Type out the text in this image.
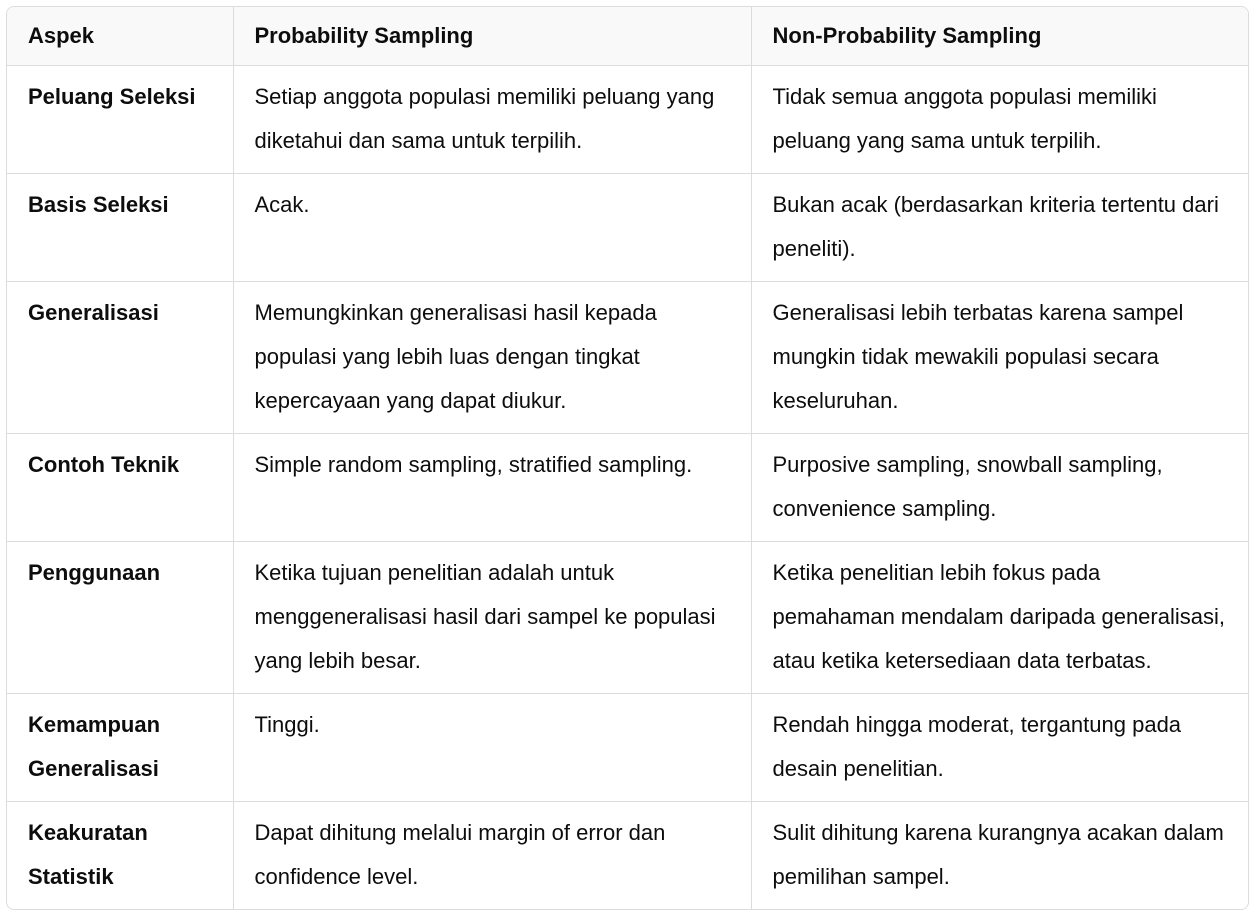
Aspek	Probability Sampling	Non-Probability Sampling
Peluang Seleksi	Setiap anggota populasi memiliki peluang yang diketahui dan sama untuk terpilih.	Tidak semua anggota populasi memiliki peluang yang sama untuk terpilih.
Basis Seleksi	Acak.	Bukan acak (berdasarkan kriteria tertentu dari peneliti).
Generalisasi	Memungkinkan generalisasi hasil kepada populasi yang lebih luas dengan tingkat kepercayaan yang dapat diukur.	Generalisasi lebih terbatas karena sampel mungkin tidak mewakili populasi secara keseluruhan.
Contoh Teknik	Simple random sampling, stratified sampling.	Purposive sampling, snowball sampling, convenience sampling.
Penggunaan	Ketika tujuan penelitian adalah untuk menggeneralisasi hasil dari sampel ke populasi yang lebih besar.	Ketika penelitian lebih fokus pada pemahaman mendalam daripada generalisasi, atau ketika ketersediaan data terbatas.
Kemampuan Generalisasi	Tinggi.	Rendah hingga moderat, tergantung pada desain penelitian.
Keakuratan Statistik	Dapat dihitung melalui margin of error dan confidence level.	Sulit dihitung karena kurangnya acakan dalam pemilihan sampel.
